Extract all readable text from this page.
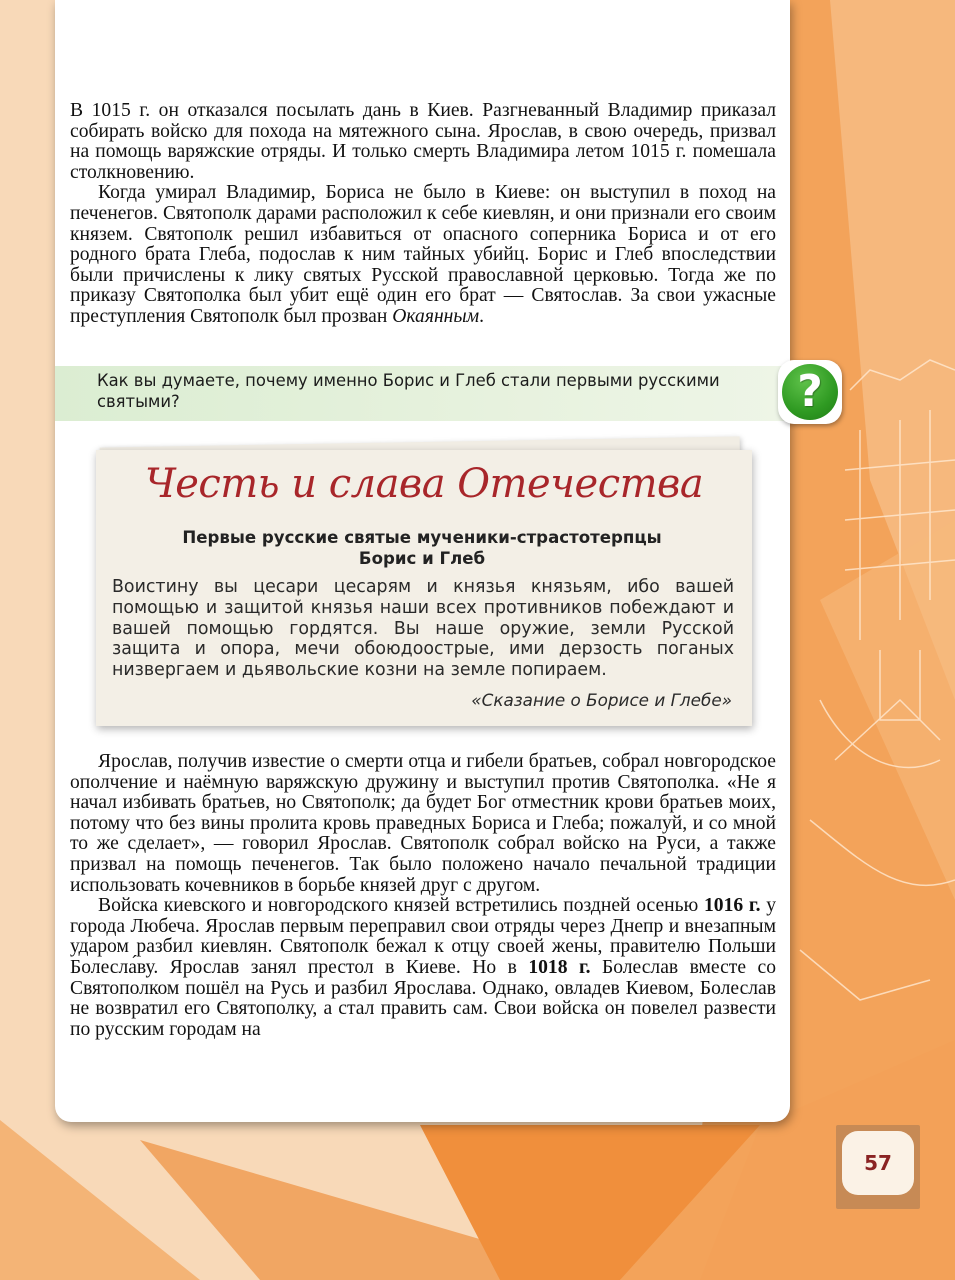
В 1015 г. он отказался посылать дань в Киев. Разгневанный Владимир приказал собирать войско для похода на мятежного сына. Ярослав, в свою очередь, призвал на помощь варяжские отряды. И только смерть Владимира летом 1015 г. помешала столкновению.

Когда умирал Владимир, Бориса не было в Киеве: он выступил в поход на печенегов. Святополк дарами расположил к себе киевлян, и они признали его своим князем. Святополк решил избавиться от опасного соперника Бориса и от его родного брата Глеба, подослав к ним тайных убийц. Борис и Глеб впоследствии были причислены к лику святых Русской православной церковью. Тогда же по приказу Святополка был убит ещё один его брат — Святослав. За свои ужасные преступления Святополк был прозван Окаянным.

Как вы думаете, почему именно Борис и Глеб стали первыми русскими святыми?	?
Честь и слава Отечества
Первые русские святые мученики-страстотерпцы
Борис и Глеб
Воистину вы цесари цесарям и князья князьям, ибо вашей помощью и защитой князья наши всех противников побеждают и вашей помощью гордятся. Вы наше оружие, земли Русской защита и опора, мечи обоюдоострые, ими дерзость поганых низвергаем и дьявольские козни на земле попираем.
«Сказание о Борисе и Глебе»

Ярослав, получив известие о смерти отца и гибели братьев, собрал новгородское ополчение и наёмную варяжскую дружину и выступил против Святополка. «Не я начал избивать братьев, но Святополк; да будет Бог отместник крови братьев моих, потому что без вины пролита кровь праведных Бориса и Глеба; пожалуй, и со мной то же сделает», — говорил Ярослав. Святополк собрал войско на Руси, а также призвал на помощь печенегов. Так было положено начало печальной традиции использовать кочевников в борьбе князей друг с другом.

Войска киевского и новгородского князей встретились поздней осенью 1016 г. у города Любеча. Ярослав первым переправил свои отряды через Днепр и внезапным ударом разбил киевлян. Святополк бежал к отцу своей жены, правителю Польши Болесла́ву. Ярослав занял престол в Киеве. Но в 1018 г. Болеслав вместе со Святополком пошёл на Русь и разбил Ярослава. Однако, овладев Киевом, Болеслав не возвратил его Святополку, а стал править сам. Свои войска он повелел развести по русским городам на

57
